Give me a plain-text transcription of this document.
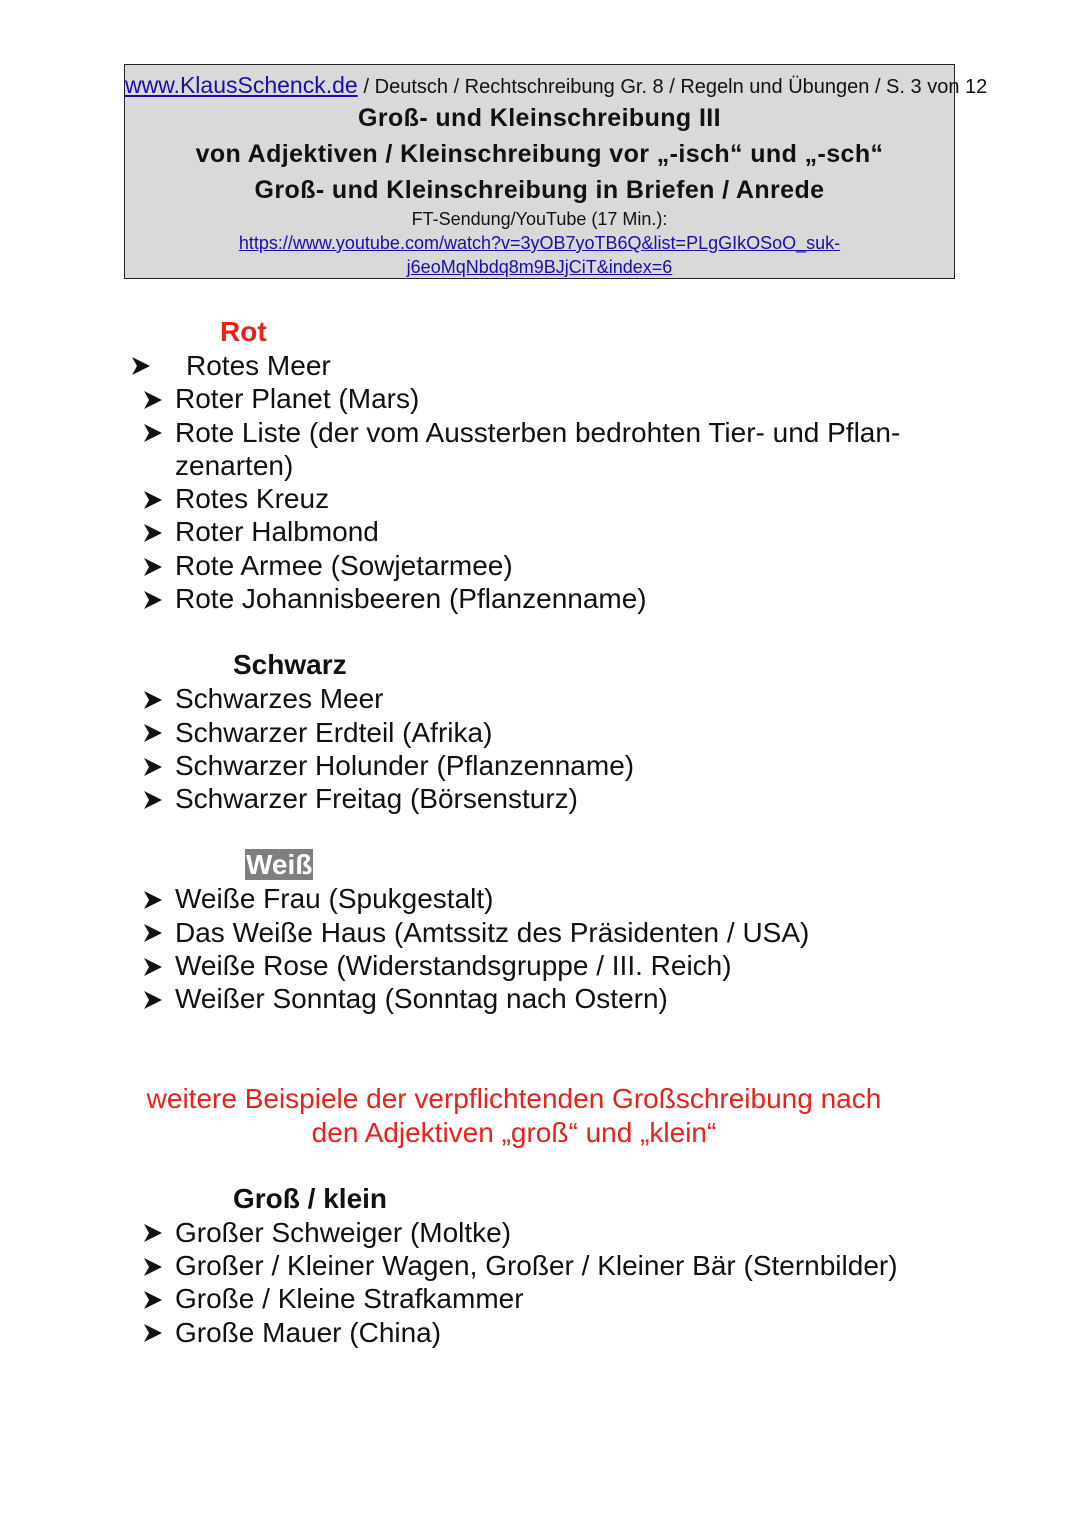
www.KlausSchenck.de / Deutsch / Rechtschreibung Gr. 8 / Regeln und Übungen / S. 3 von 12
Groß- und Kleinschreibung III
von Adjektiven / Kleinschreibung vor „-isch“ und „-sch“
Groß- und Kleinschreibung in Briefen / Anrede
FT-Sendung/YouTube (17 Min.):
https://www.youtube.com/watch?v=3yOB7yoTB6Q&list=PLgGIkOSoO_suk-
j6eoMqNbdq8m9BJjCiT&index=6
Rot
Rotes Meer
Roter Planet (Mars)
Rote Liste (der vom Aussterben bedrohten Tier- und Pflan-
zenarten)
Rotes Kreuz
Roter Halbmond
Rote Armee (Sowjetarmee)
Rote Johannisbeeren (Pflanzenname)
Schwarz
Schwarzes Meer
Schwarzer Erdteil (Afrika)
Schwarzer Holunder (Pflanzenname)
Schwarzer Freitag (Börsensturz)
Weiß
Weiße Frau (Spukgestalt)
Das Weiße Haus (Amtssitz des Präsidenten / USA)
Weiße Rose (Widerstandsgruppe / III. Reich)
Weißer Sonntag (Sonntag nach Ostern)
weitere Beispiele der verpflichtenden Großschreibung nach
den Adjektiven „groß“ und „klein“
Groß / klein
Großer Schweiger (Moltke)
Großer / Kleiner Wagen, Großer / Kleiner Bär (Sternbilder)
Große / Kleine Strafkammer
Große Mauer (China)
